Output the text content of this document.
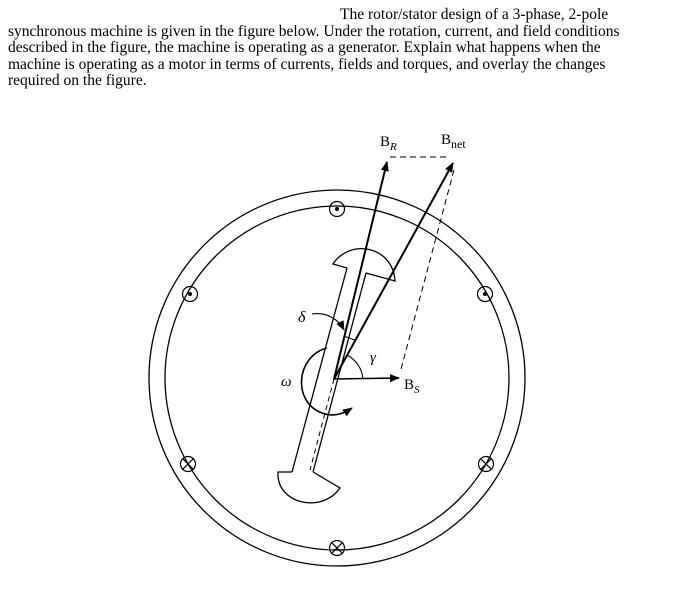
The rotor/stator design of a 3-phase, 2-pole
synchronous machine is given in the figure below. Under the rotation, current, and field conditions
described in the figure, the machine is operating as a generator. Explain what happens when the
machine is operating as a motor in terms of currents, fields and torques, and overlay the changes
required on the figure.
$B_R$	$B_{net}$
$B_S$
δ
γ
ω
